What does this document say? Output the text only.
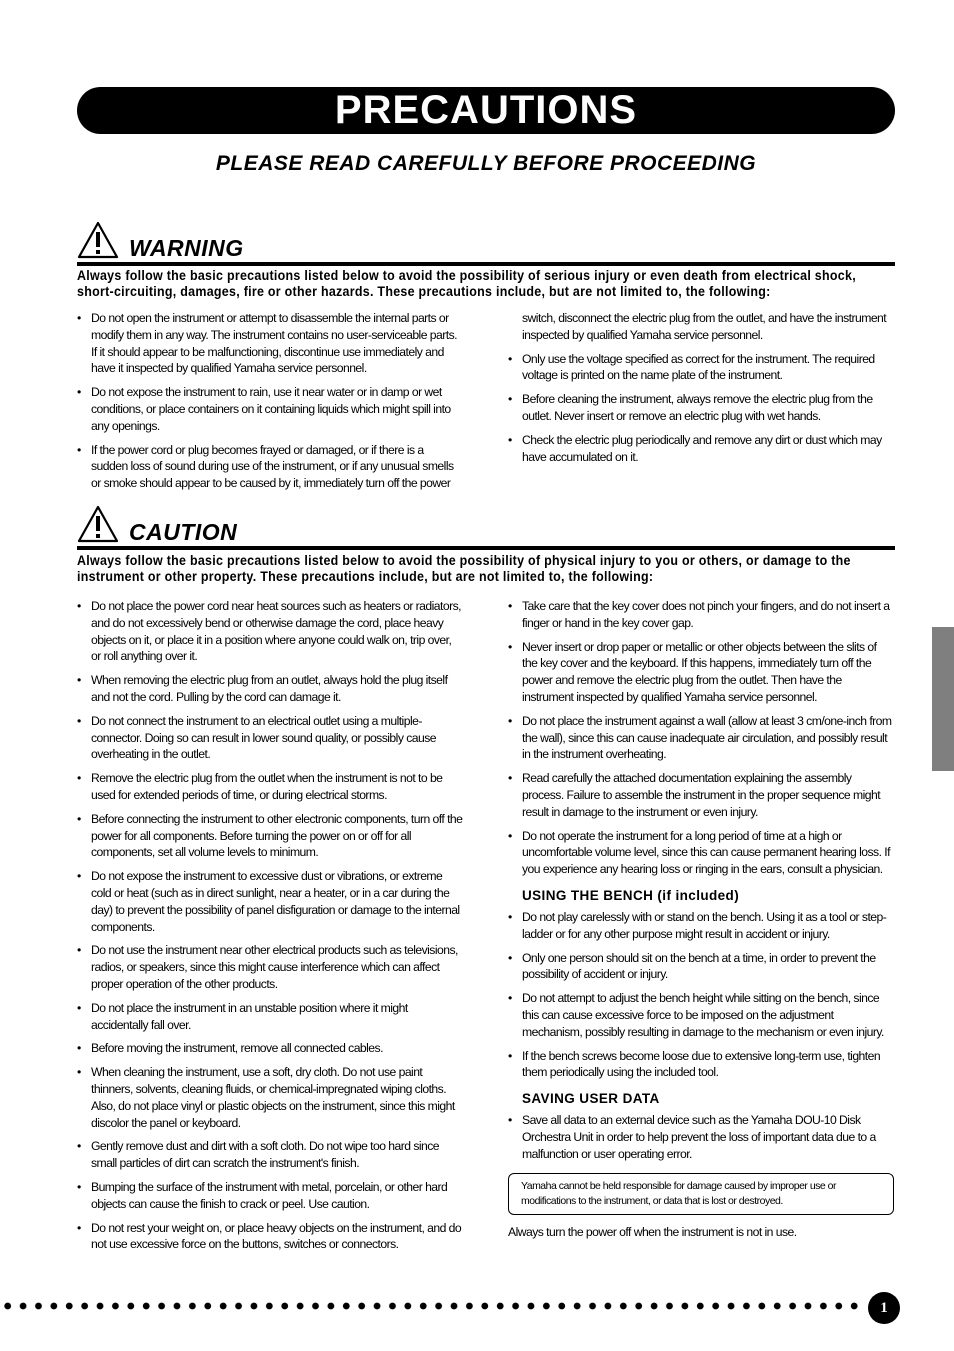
PRECAUTIONS
PLEASE READ CAREFULLY BEFORE PROCEEDING
WARNING
Always follow the basic precautions listed below to avoid the possibility of serious injury or even death from electrical shock, short-circuiting, damages, fire or other hazards. These precautions include, but are not limited to, the following:
• Do not open the instrument or attempt to disassemble the internal parts or modify them in any way. The instrument contains no user-serviceable parts. If it should appear to be malfunctioning, discontinue use immediately and have it inspected by qualified Yamaha service personnel.
• Do not expose the instrument to rain, use it near water or in damp or wet conditions, or place containers on it containing liquids which might spill into any openings.
• If the power cord or plug becomes frayed or damaged, or if there is a sudden loss of sound during use of the instrument, or if any unusual smells or smoke should appear to be caused by it, immediately turn off the power
switch, disconnect the electric plug from the outlet, and have the instrument inspected by qualified Yamaha service personnel.
• Only use the voltage specified as correct for the instrument. The required voltage is printed on the name plate of the instrument.
• Before cleaning the instrument, always remove the electric plug from the outlet. Never insert or remove an electric plug with wet hands.
• Check the electric plug periodically and remove any dirt or dust which may have accumulated on it.
CAUTION
Always follow the basic precautions listed below to avoid the possibility of physical injury to you or others, or damage to the instrument or other property. These precautions include, but are not limited to, the following:
• Do not place the power cord near heat sources such as heaters or radiators, and do not excessively bend or otherwise damage the cord, place heavy objects on it, or place it in a position where anyone could walk on, trip over, or roll anything over it.
• When removing the electric plug from an outlet, always hold the plug itself and not the cord. Pulling by the cord can damage it.
• Do not connect the instrument to an electrical outlet using a multiple-connector. Doing so can result in lower sound quality, or possibly cause overheating in the outlet.
• Remove the electric plug from the outlet when the instrument is not to be used for extended periods of time, or during electrical storms.
• Before connecting the instrument to other electronic components, turn off the power for all components. Before turning the power on or off for all components, set all volume levels to minimum.
• Do not expose the instrument to excessive dust or vibrations, or extreme cold or heat (such as in direct sunlight, near a heater, or in a car during the day) to prevent the possibility of panel disfiguration or damage to the internal components.
• Do not use the instrument near other electrical products such as televisions, radios, or speakers, since this might cause interference which can affect proper operation of the other products.
• Do not place the instrument in an unstable position where it might accidentally fall over.
• Before moving the instrument, remove all connected cables.
• When cleaning the instrument, use a soft, dry cloth. Do not use paint thinners, solvents, cleaning fluids, or chemical-impregnated wiping cloths. Also, do not place vinyl or plastic objects on the instrument, since this might discolor the panel or keyboard.
• Gently remove dust and dirt with a soft cloth. Do not wipe too hard since small particles of dirt can scratch the instrument's finish.
• Bumping the surface of the instrument with metal, porcelain, or other hard objects can cause the finish to crack or peel. Use caution.
• Do not rest your weight on, or place heavy objects on the instrument, and do not use excessive force on the buttons, switches or connectors.
• Take care that the key cover does not pinch your fingers, and do not insert a finger or hand in the key cover gap.
• Never insert or drop paper or metallic or other objects between the slits of the key cover and the keyboard. If this happens, immediately turn off the power and remove the electric plug from the outlet. Then have the instrument inspected by qualified Yamaha service personnel.
• Do not place the instrument against a wall (allow at least 3 cm/one-inch from the wall), since this can cause inadequate air circulation, and possibly result in the instrument overheating.
• Read carefully the attached documentation explaining the assembly process. Failure to assemble the instrument in the proper sequence might result in damage to the instrument or even injury.
• Do not operate the instrument for a long period of time at a high or uncomfortable volume level, since this can cause permanent hearing loss. If you experience any hearing loss or ringing in the ears, consult a physician.
USING THE BENCH (if included)
• Do not play carelessly with or stand on the bench. Using it as a tool or step-ladder or for any other purpose might result in accident or injury.
• Only one person should sit on the bench at a time, in order to prevent the possibility of accident or injury.
• Do not attempt to adjust the bench height while sitting on the bench, since this can cause excessive force to be imposed on the adjustment mechanism, possibly resulting in damage to the mechanism or even injury.
• If the bench screws become loose due to extensive long-term use, tighten them periodically using the included tool.
SAVING USER DATA
• Save all data to an external device such as the Yamaha DOU-10 Disk Orchestra Unit in order to help prevent the loss of important data due to a malfunction or user operating error.
Yamaha cannot be held responsible for damage caused by improper use or modifications to the instrument, or data that is lost or destroyed.
Always turn the power off when the instrument is not in use.
1
